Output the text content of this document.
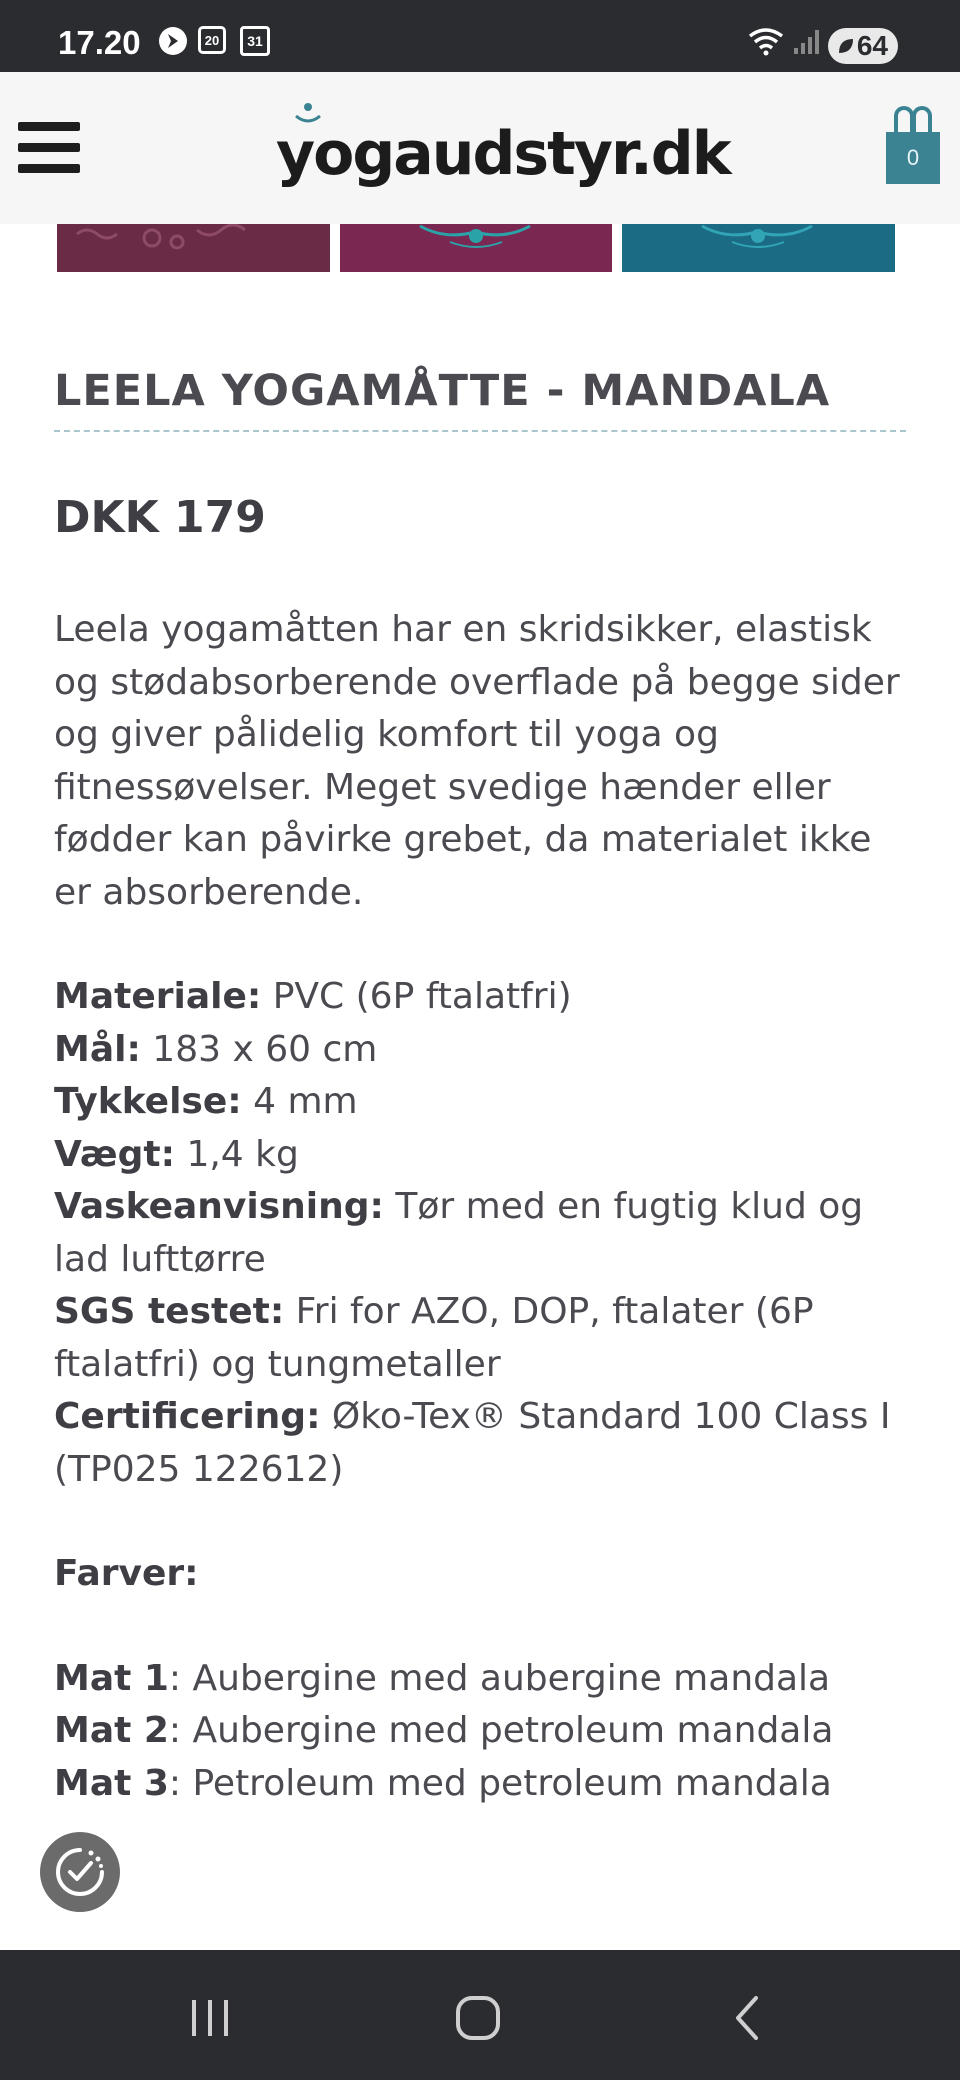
17.20	20	31	64
yogaudstyr.dk	0
LEELA YOGAMÅTTE - MANDALA
DKK 179

Leela yogamåtten har en skridsikker, elastisk og stødabsorberende overflade på begge sider og giver pålidelig komfort til yoga og fitnessøvelser. Meget svedige hænder eller fødder kan påvirke grebet, da materialet ikke er absorberende.

Materiale: PVC (6P ftalatfri)
Mål: 183 x 60 cm
Tykkelse: 4 mm
Vægt: 1,4 kg
Vaskeanvisning: Tør med en fugtig klud og lad lufttørre
SGS testet: Fri for AZO, DOP, ftalater (6P ftalatfri) og tungmetaller
Certificering: Øko-Tex® Standard 100 Class I (TP025 122612)
Farver:
Mat 1: Aubergine med aubergine mandala
Mat 2: Aubergine med petroleum mandala
Mat 3: Petroleum med petroleum mandala
